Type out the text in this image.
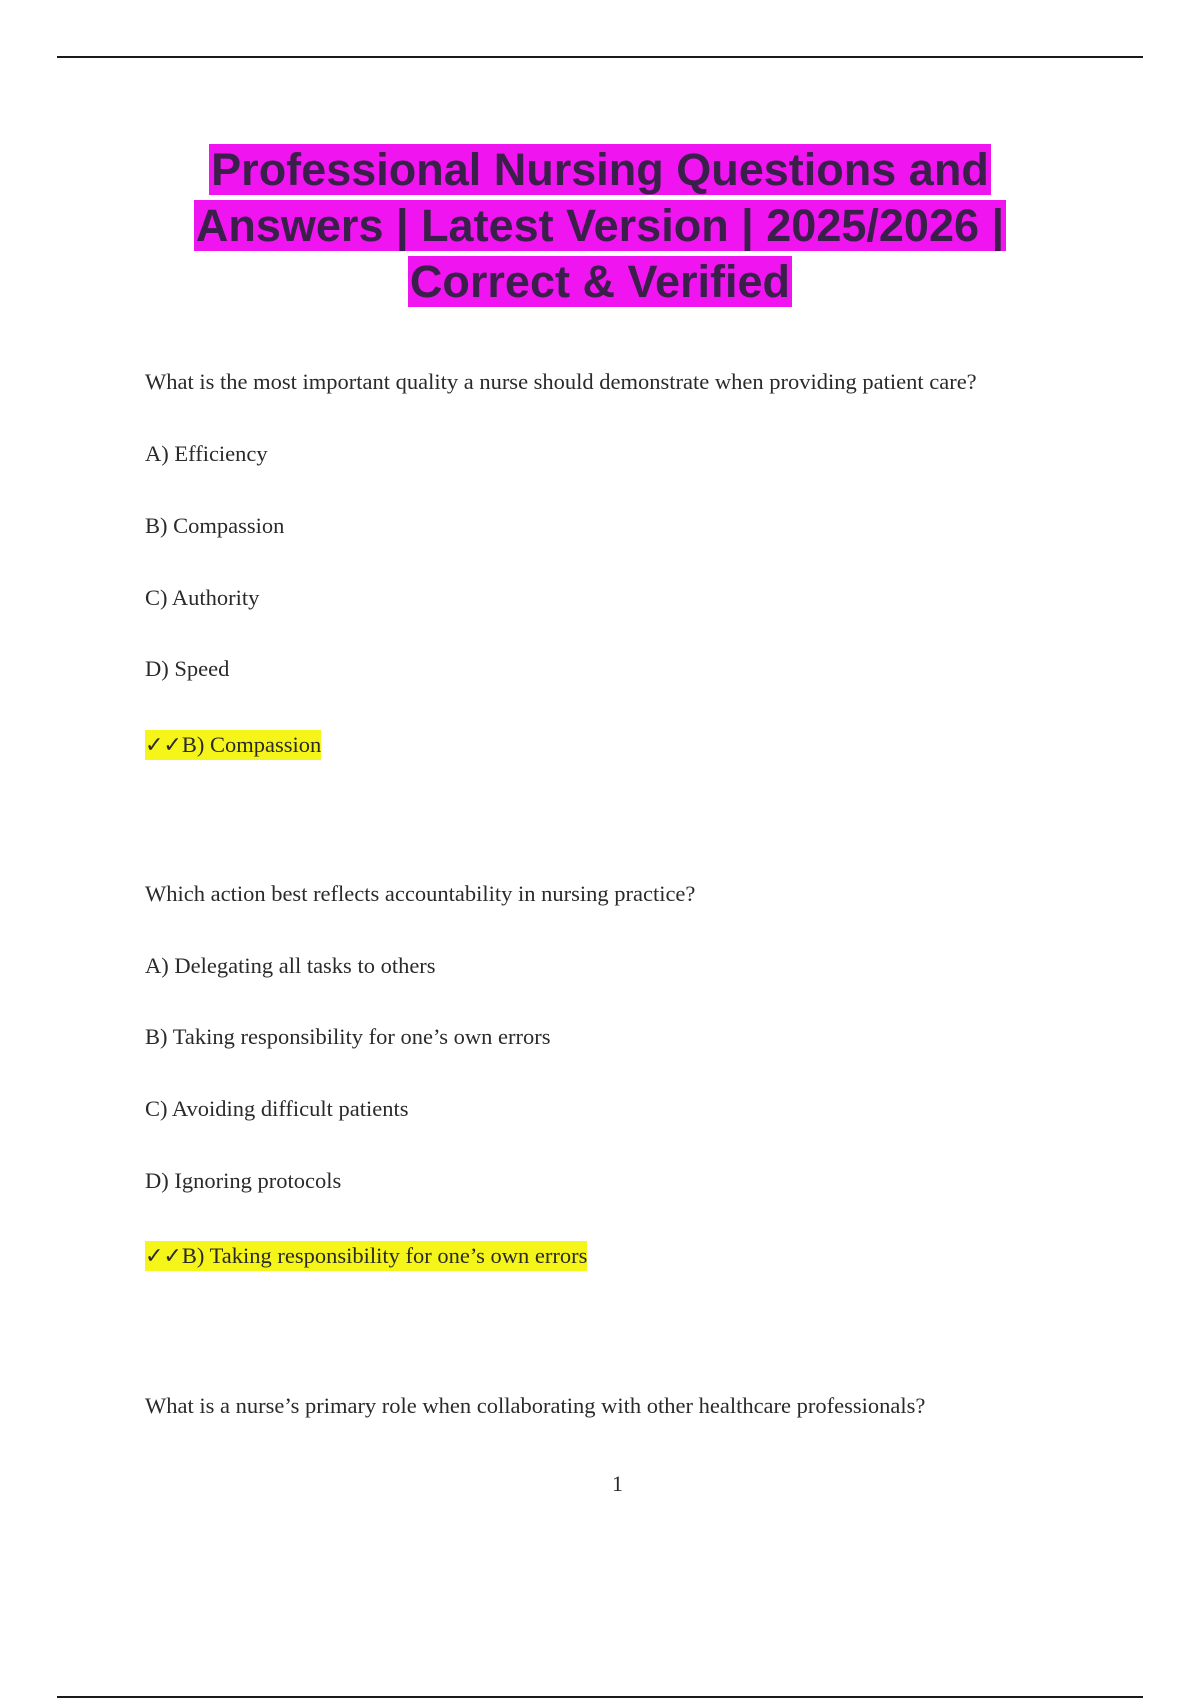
Professional Nursing Questions and
Answers | Latest Version | 2025/2026 |
Correct & Verified
What is the most important quality a nurse should demonstrate when providing patient care?
A) Efficiency
B) Compassion
C) Authority
D) Speed
✓✓B) Compassion
Which action best reflects accountability in nursing practice?
A) Delegating all tasks to others
B) Taking responsibility for one’s own errors
C) Avoiding difficult patients
D) Ignoring protocols
✓✓B) Taking responsibility for one’s own errors
What is a nurse’s primary role when collaborating with other healthcare professionals?
1
